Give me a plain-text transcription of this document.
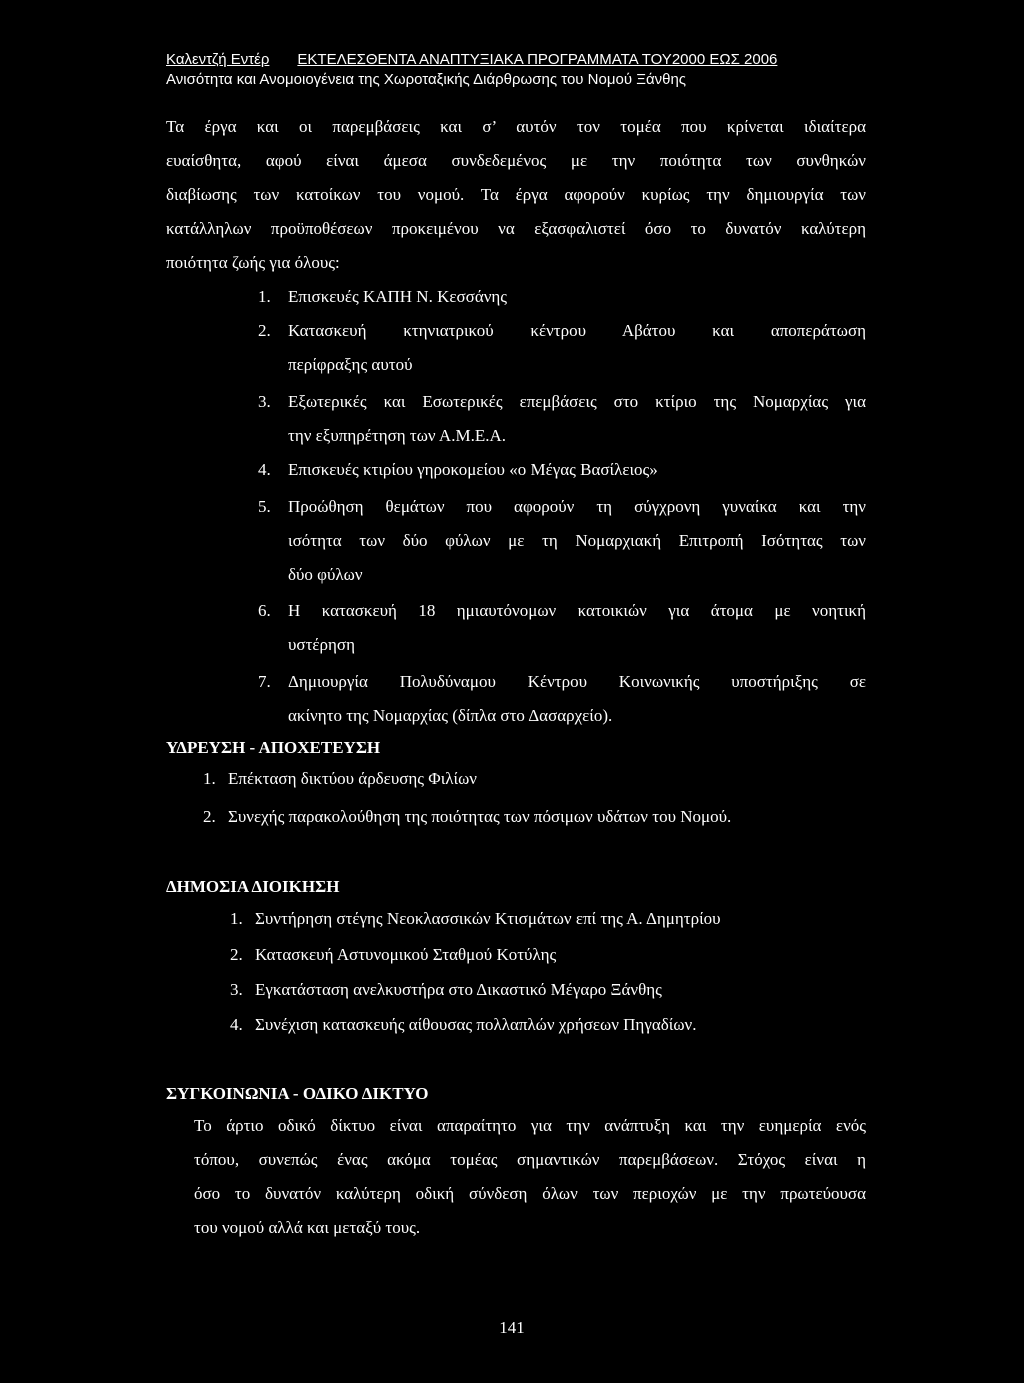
Καλεντζή Εντέρ ΕΚΤΕΛΕΣΘΕΝΤΑ ΑΝΑΠΤΥΞΙΑΚΑ ΠΡΟΓΡΑΜΜΑΤΑ ΤΟΥ2000 ΕΩΣ 2006
Ανισότητα και Ανομοιογένεια της Χωροταξικής Διάρθρωσης του Νομού Ξάνθης
Τα έργα και οι παρεμβάσεις και σ’ αυτόν τον τομέα που κρίνεται ιδιαίτερα
ευαίσθητα, αφού είναι άμεσα συνδεδεμένος με την ποιότητα των συνθηκών
διαβίωσης των κατοίκων του νομού. Τα έργα αφορούν κυρίως την δημιουργία των
κατάλληλων προϋποθέσεων προκειμένου να εξασφαλιστεί όσο το δυνατόν καλύτερη
ποιότητα ζωής για όλους:
1.	Επισκευές ΚΑΠΗ Ν. Κεσσάνης
2.	Κατασκευή κτηνιατρικού κέντρου Αβάτου και αποπεράτωση
περίφραξης αυτού
3.	Εξωτερικές και Εσωτερικές επεμβάσεις στο κτίριο της Νομαρχίας για
την εξυπηρέτηση των Α.Μ.Ε.Α.
4.	Επισκευές κτιρίου γηροκομείου «ο Μέγας Βασίλειος»
5.	Προώθηση θεμάτων που αφορούν τη σύγχρονη γυναίκα και την
ισότητα των δύο φύλων με τη Νομαρχιακή Επιτροπή Ισότητας των
δύο φύλων
6.	Η κατασκευή 18 ημιαυτόνομων κατοικιών για άτομα με νοητική
υστέρηση
7.	Δημιουργία Πολυδύναμου Κέντρου Κοινωνικής υποστήριξης σε
ακίνητο της Νομαρχίας (δίπλα στο Δασαρχείο).
ΥΔΡΕΥΣΗ - ΑΠΟΧΕΤΕΥΣΗ
1. Επέκταση δικτύου άρδευσης Φιλίων
2. Συνεχής παρακολούθηση της ποιότητας των πόσιμων υδάτων του Νομού.
ΔΗΜΟΣΙΑ ΔΙΟΙΚΗΣΗ
1. Συντήρηση στέγης Νεοκλασσικών Κτισμάτων επί της Α. Δημητρίου
2. Κατασκευή Αστυνομικού Σταθμού Κοτύλης
3. Εγκατάσταση ανελκυστήρα στο Δικαστικό Μέγαρο Ξάνθης
4. Συνέχιση κατασκευής αίθουσας πολλαπλών χρήσεων Πηγαδίων.
ΣΥΓΚΟΙΝΩΝΙΑ - ΟΔΙΚΟ ΔΙΚΤΥΟ
Το άρτιο οδικό δίκτυο είναι απαραίτητο για την ανάπτυξη και την ευημερία ενός
τόπου, συνεπώς ένας ακόμα τομέας σημαντικών παρεμβάσεων. Στόχος είναι η
όσο το δυνατόν καλύτερη οδική σύνδεση όλων των περιοχών με την πρωτεύουσα
του νομού αλλά και μεταξύ τους.
141
